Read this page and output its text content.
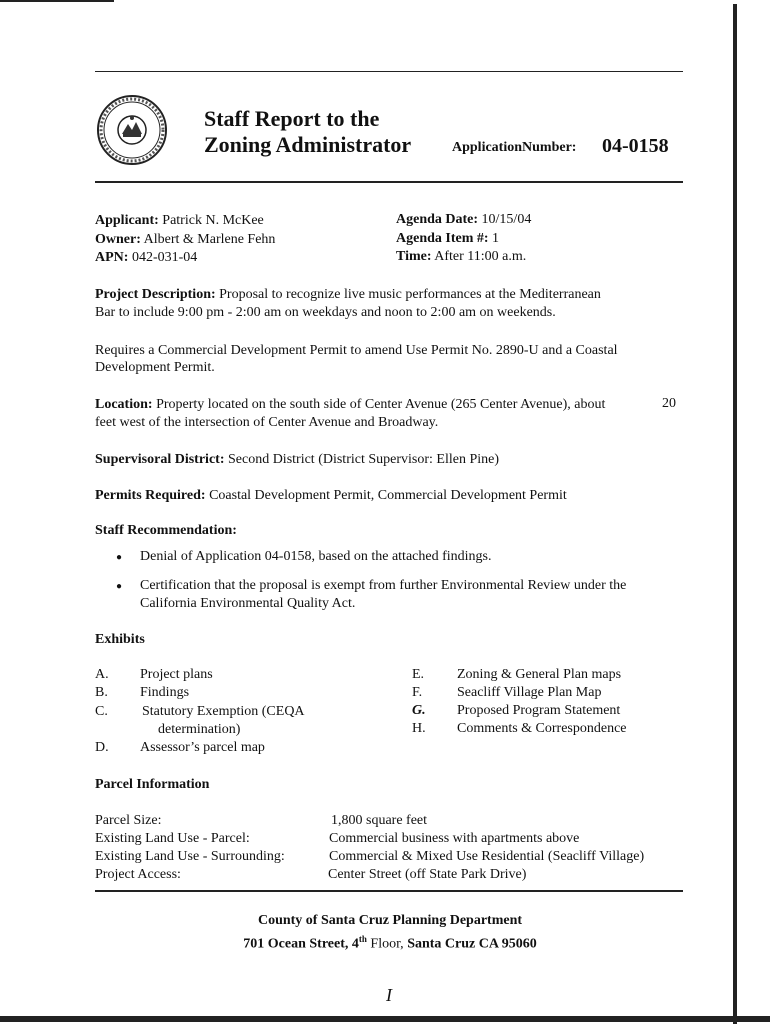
Staff Report to the
Zoning Administrator	ApplicationNumber: 04-0158
Applicant: Patrick N. McKee
Owner: Albert & Marlene Fehn
APN: 042-031-04
Agenda Date: 10/15/04
Agenda Item #: 1
Time: After 11:00 a.m.
Project Description: Proposal to recognize live music performances at the Mediterranean
Bar to include 9:00 pm - 2:00 am on weekdays and noon to 2:00 am on weekends.
Requires a Commercial Development Permit to amend Use Permit No. 2890-U and a Coastal
Development Permit.
Location: Property located on the south side of Center Avenue (265 Center Avenue), about	20
feet west of the intersection of Center Avenue and Broadway.
Supervisoral District: Second District (District Supervisor: Ellen Pine)
Permits Required: Coastal Development Permit, Commercial Development Permit
Staff Recommendation:
● Denial of Application 04-0158, based on the attached findings.
● Certification that the proposal is exempt from further Environmental Review under the
California Environmental Quality Act.
Exhibits
A. Project plans
B. Findings
C. Statutory Exemption (CEQA
determination)
D. Assessor’s parcel map
E. Zoning & General Plan maps
F. Seacliff Village Plan Map
G. Proposed Program Statement
H. Comments & Correspondence
Parcel Information
Parcel Size:	1,800 square feet
Existing Land Use - Parcel:	Commercial business with apartments above
Existing Land Use - Surrounding:	Commercial & Mixed Use Residential (Seacliff Village)
Project Access:	Center Street (off State Park Drive)
County of Santa Cruz Planning Department
701 Ocean Street, 4th Floor, Santa Cruz CA 95060
I
